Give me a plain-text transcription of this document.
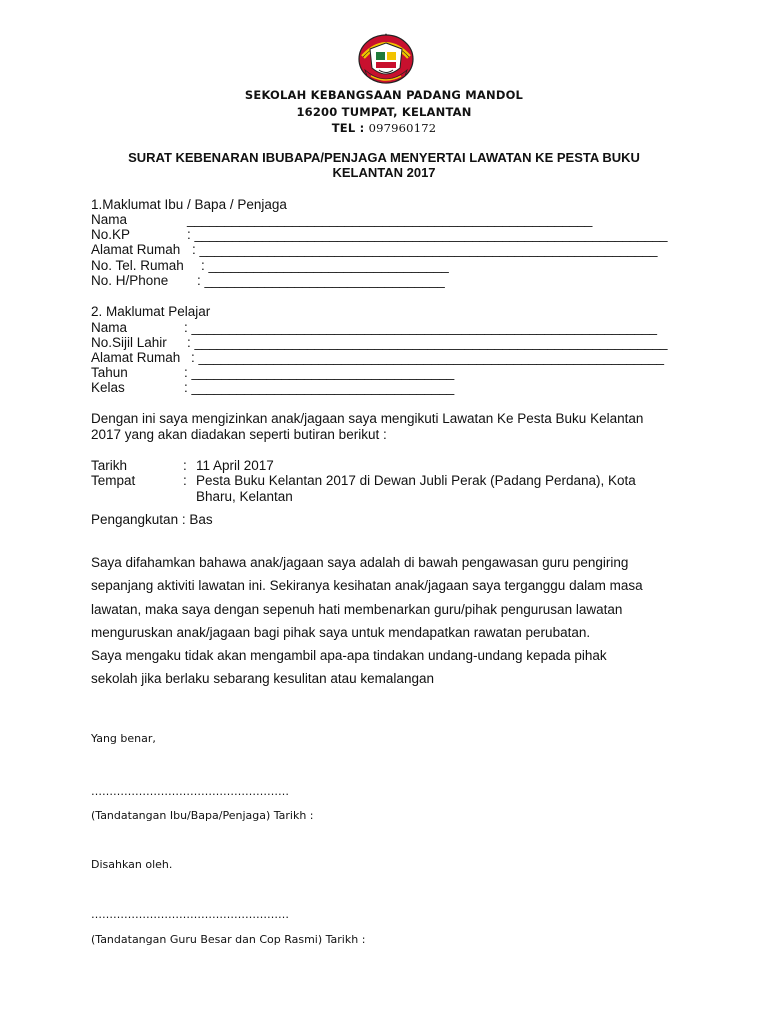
SEKOLAH KEBANGSAAN PADANG MANDOL
16200 TUMPAT, KELANTAN
TEL : 097960172
SURAT KEBENARAN IBUBAPA/PENJAGA MENYERTAI LAWATAN KE PESTA BUKU
KELANTAN 2017
1.Maklumat Ibu / Bapa / Penjaga
Nama	______________________________________________________
No.KP	: _______________________________________________________________
Alamat Rumah : _____________________________________________________________
No. Tel. Rumah : ________________________________
No. H/Phone : ________________________________
2. Maklumat Pelajar
Nama	: ______________________________________________________________
No.Sijil Lahir : _______________________________________________________________
Alamat Rumah : ______________________________________________________________
Tahun	: ___________________________________
Kelas	: ___________________________________
Dengan ini saya mengizinkan anak/jagaan saya mengikuti Lawatan Ke Pesta Buku Kelantan
2017 yang akan diadakan seperti butiran berikut :
Tarikh	: 11 April 2017
Tempat	: Pesta Buku Kelantan 2017 di Dewan Jubli Perak (Padang Perdana), Kota
Bharu, Kelantan
Pengangkutan : Bas
Saya difahamkan bahawa anak/jagaan saya adalah di bawah pengawasan guru pengiring
sepanjang aktiviti lawatan ini. Sekiranya kesihatan anak/jagaan saya terganggu dalam masa
lawatan, maka saya dengan sepenuh hati membenarkan guru/pihak pengurusan lawatan
menguruskan anak/jagaan bagi pihak saya untuk mendapatkan rawatan perubatan.
Saya mengaku tidak akan mengambil apa-apa tindakan undang-undang kepada pihak
sekolah jika berlaku sebarang kesulitan atau kemalangan
Yang benar,
………………………………………………
(Tandatangan Ibu/Bapa/Penjaga) Tarikh :
Disahkan oleh.
………………………………………………
(Tandatangan Guru Besar dan Cop Rasmi) Tarikh :
